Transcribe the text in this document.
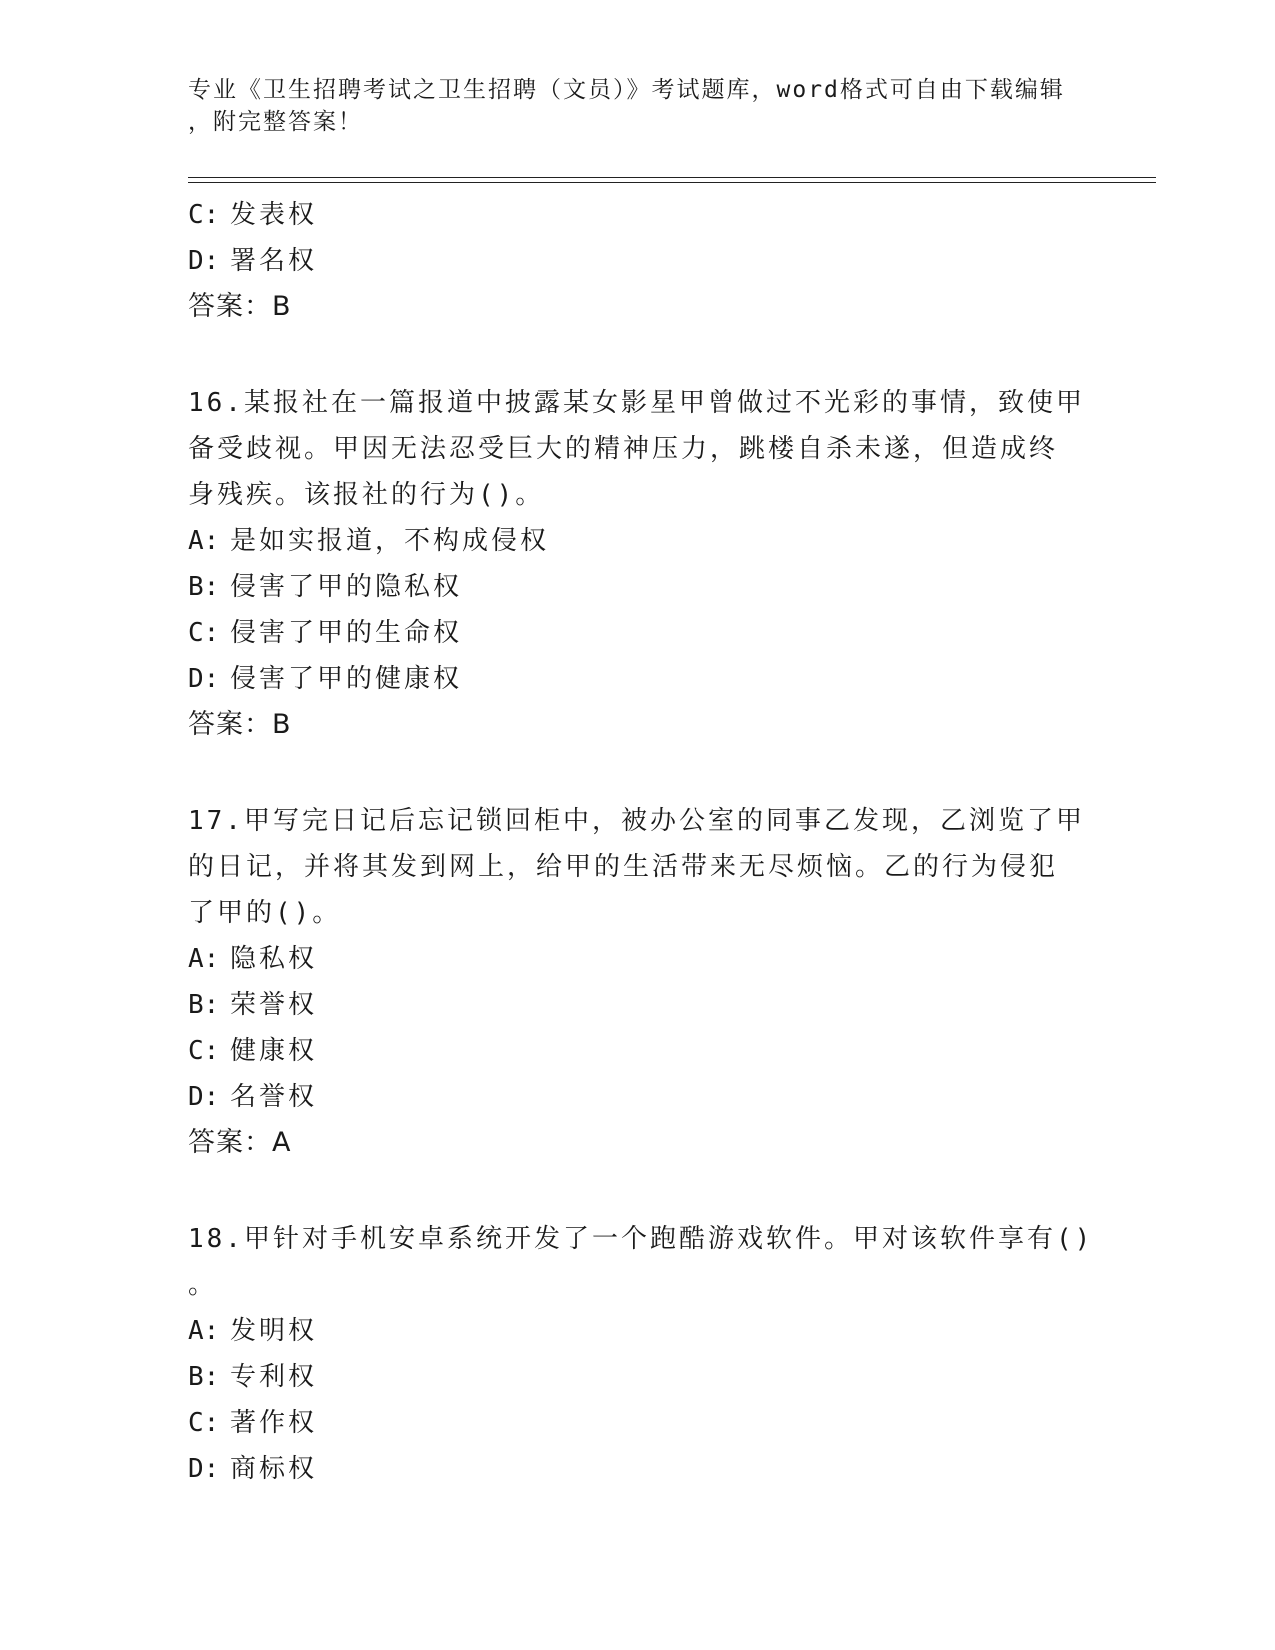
专业《卫生招聘考试之卫生招聘（文员）》考试题库，word格式可自由下载编辑
，附完整答案！
C: 发表权
D: 署名权
答案：B
16.某报社在一篇报道中披露某女影星甲曾做过不光彩的事情，致使甲
备受歧视。甲因无法忍受巨大的精神压力，跳楼自杀未遂，但造成终
身残疾。该报社的行为()。
A: 是如实报道，不构成侵权
B: 侵害了甲的隐私权
C: 侵害了甲的生命权
D: 侵害了甲的健康权
答案：B
17.甲写完日记后忘记锁回柜中，被办公室的同事乙发现，乙浏览了甲
的日记，并将其发到网上，给甲的生活带来无尽烦恼。乙的行为侵犯
了甲的()。
A: 隐私权
B: 荣誉权
C: 健康权
D: 名誉权
答案：A
18.甲针对手机安卓系统开发了一个跑酷游戏软件。甲对该软件享有()
。
A: 发明权
B: 专利权
C: 著作权
D: 商标权
